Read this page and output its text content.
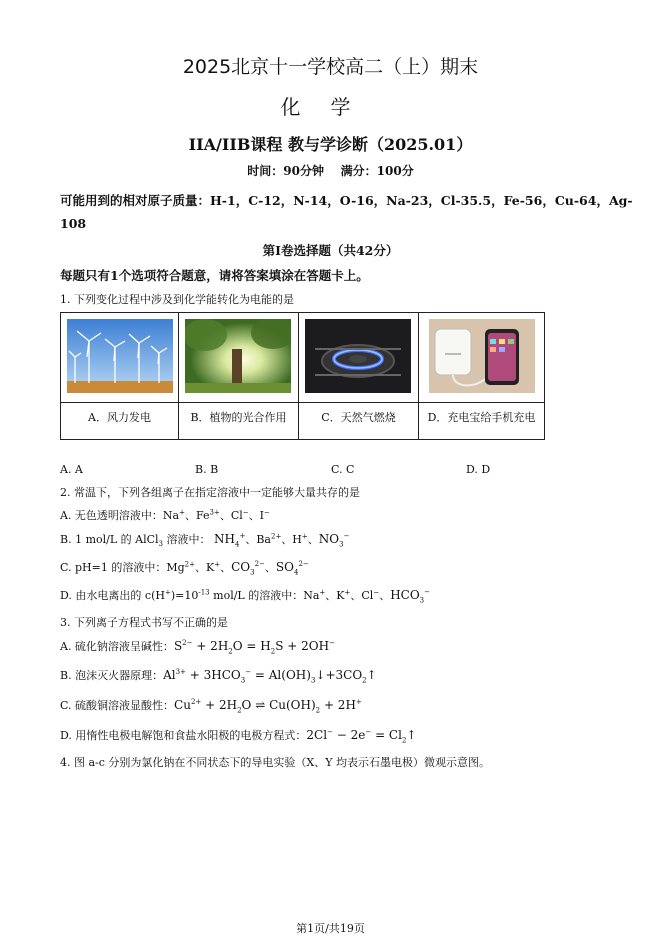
2025北京十一学校高二（上）期末
化学
IIA/IIB课程 教与学诊断（2025.01）
时间：90分钟    满分：100分
可能用到的相对原子质量：H-1，C-12，N-14，O-16，Na-23，Cl-35.5，Fe-56，Cu-64，Ag-
108
第I卷选择题（共42分）
每题只有1个选项符合题意，请将答案填涂在答题卡上。
1. 下列变化过程中涉及到化学能转化为电能的是
A．风力发电	B．植物的光合作用	C．天然气燃烧	D．充电宝给手机充电
A. A	B. B	C. C	D. D
2. 常温下，下列各组离子在指定溶液中一定能够大量共存的是
A. 无色透明溶液中：Na+、$Fe^{3+}$、Cl−、I−
B. 1 mol/L 的 AlCl$_3$ 溶液中： $NH_4^+$、$Ba^{2+}$、H+、$NO_3^-$
C. pH=1 的溶液中：$Mg^{2+}$、K+、$CO_3^{2-}$、$SO_4^{2-}$
D. 由水电离出的 $c(H^+)=10^{-13}$ mol/L 的溶液中：Na+、K+、Cl−、$HCO_3^-$
3. 下列离子方程式书写不正确的是
A. 硫化钠溶液呈碱性：$S^{2-} + 2H_2O = H_2S + 2OH^-$
B. 泡沫灭火器原理：$Al^{3+} + 3HCO_3^-$ = $Al(OH)_3↓+3CO_2↑$
C. 硫酸铜溶液显酸性：$Cu^{2+} + 2H_2O$ ⇌ $Cu(OH)_2 + 2H^+$
D. 用惰性电极电解饱和食盐水阳极的电极方程式：$2Cl^- - 2e^- = Cl_2↑$
4. 图 a-c 分别为氯化钠在不同状态下的导电实验（X、Y 均表示石墨电极）微观示意图。
第1页/共19页
